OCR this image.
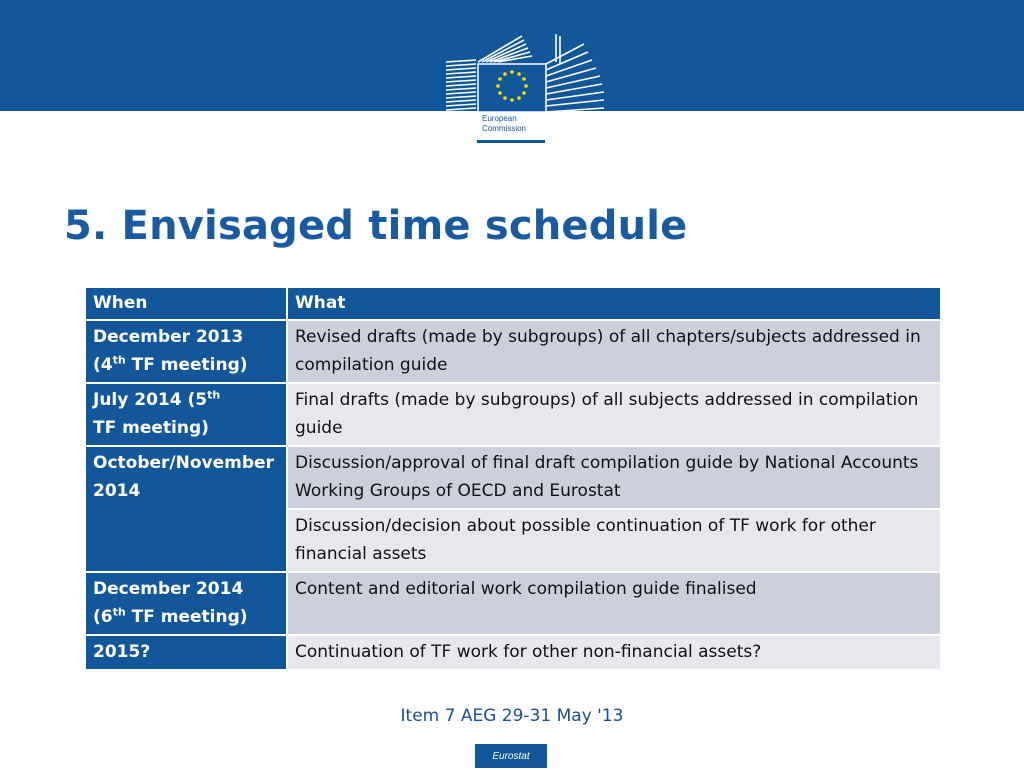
European
Commission
5. Envisaged time schedule
When	What
December 2013
(4th TF meeting)	Revised drafts (made by subgroups) of all chapters/subjects addressed in compilation guide
July 2014 (5th
TF meeting)	Final drafts (made by subgroups) of all subjects addressed in compilation guide
October/November 2014	Discussion/approval of final draft compilation guide by National Accounts Working Groups of OECD and Eurostat
	Discussion/decision about possible continuation of TF work for other financial assets
December 2014
(6th TF meeting)	Content and editorial work compilation guide finalised
2015?	Continuation of TF work for other non-financial assets?
Item 7 AEG 29-31 May '13
Eurostat
